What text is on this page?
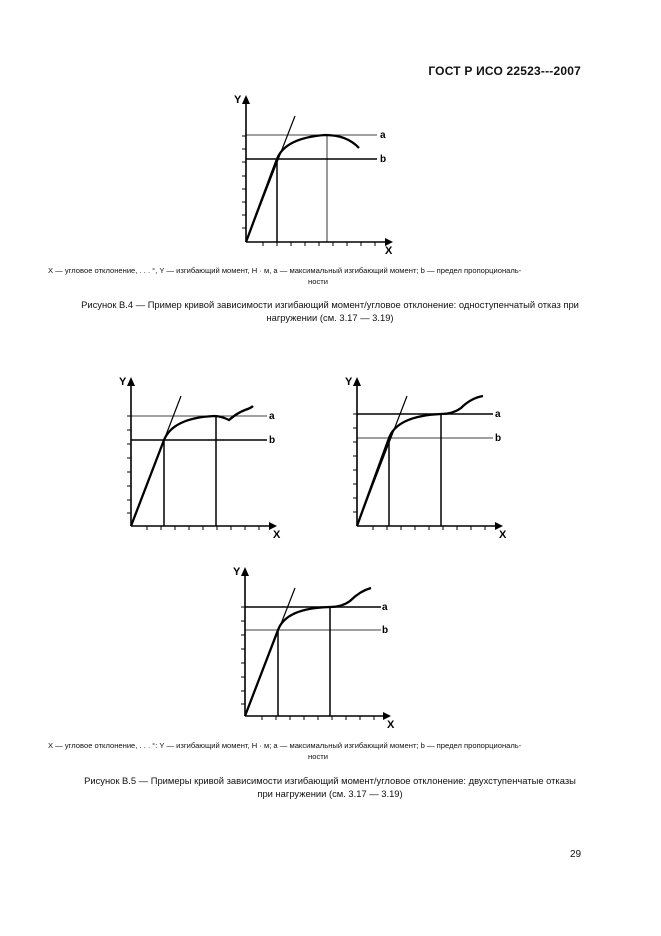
ГОСТ Р ИСО 22523---2007
Y
X
a
b
X — угловое отклонение, . . . °, Y — изгибающий момент, Н · м, a — максимальный изгибающий момент; b — предел пропорциональ-
ности
Рисунок В.4 — Пример кривой зависимости изгибающий момент/угловое отклонение: одноступенчатый отказ при
нагружении (см. 3.17 — 3.19)
Y
X
a
b
Y
X
a
b
Y
X
a
b
X — угловое отклонение, . . . °: Y — изгибающий момент, Н · м; a — максимальный изгибающий момент; b — предел пропорциональ-
ности
Рисунок В.5 — Примеры кривой зависимости изгибающий момент/угловое отклонение: двухступенчатые отказы
при нагружении (см. 3.17 — 3.19)
29
